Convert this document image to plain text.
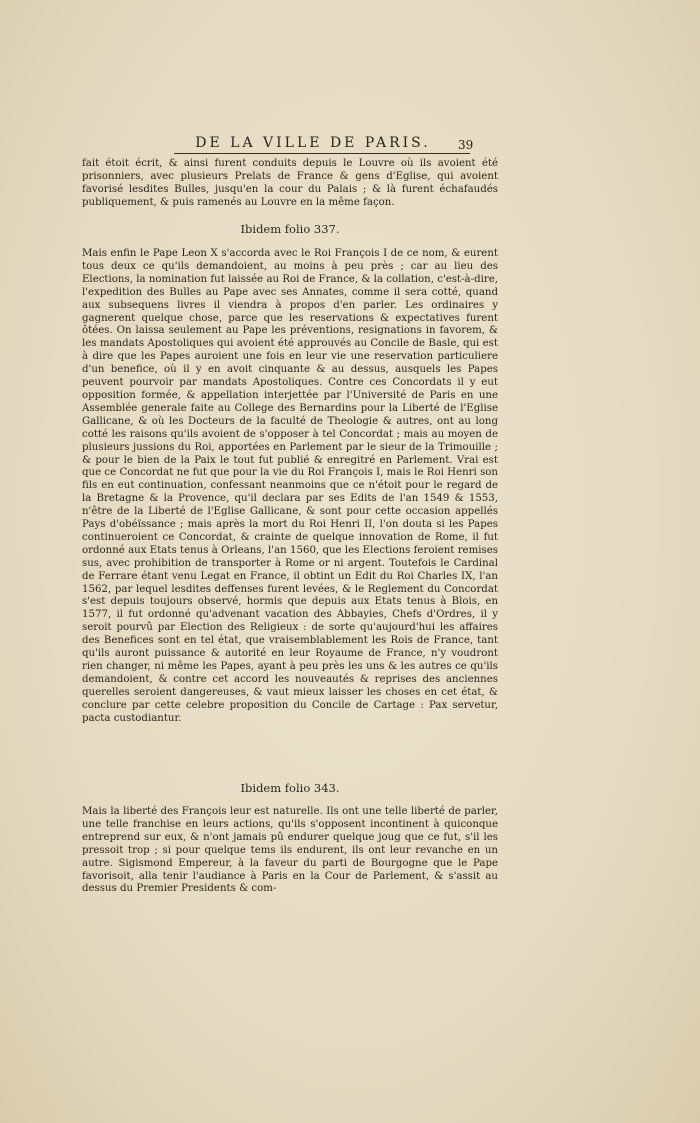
DE LA VILLE DE PARIS.	39
fait étoit écrit, & ainsi furent conduits depuis le Louvre où ils avoient été prisonniers, avec plusieurs Prelats de France & gens d'Eglise, qui avoient favorisé lesdites Bulles, jusqu'en la cour du Palais ; & là furent échafaudés publiquement, & puis ramenés au Louvre en la même façon.
Ibidem folio 337.
Mais enfin le Pape Leon X s'accorda avec le Roi François I de ce nom, & eurent tous deux ce qu'ils demandoient, au moins à peu près ; car au lieu des Elections, la nomination fut laissée au Roi de France, & la collation, c'est-à-dire, l'expedition des Bulles au Pape avec ses Annates, comme il sera cotté, quand aux subsequens livres il viendra à propos d'en parler. Les ordinaires y gagnerent quelque chose, parce que les reservations & expectatives furent ôtées. On laissa seulement au Pape les préventions, resignations in favorem, & les mandats Apostoliques qui avoient été approuvés au Concile de Basle, qui est à dire que les Papes auroient une fois en leur vie une reservation particuliere d'un benefice, où il y en avoit cinquante & au dessus, ausquels les Papes peuvent pourvoir par mandats Apostoliques. Contre ces Concordats il y eut opposition formée, & appellation interjettée par l'Université de Paris en une Assemblée generale faite au College des Bernardins pour la Liberté de l'Eglise Gallicane, & où les Docteurs de la faculté de Theologie & autres, ont au long cotté les raisons qu'ils avoient de s'opposer à tel Concordat ; mais au moyen de plusieurs jussions du Roi, apportées en Parlement par le sieur de la Trimouille ; & pour le bien de la Paix le tout fut publié & enregitré en Parlement. Vrai est que ce Concordat ne fut que pour la vie du Roi François I, mais le Roi Henri son fils en eut continuation, confessant neanmoins que ce n'étoit pour le regard de la Bretagne & la Provence, qu'il declara par ses Edits de l'an 1549 & 1553, n'être de la Liberté de l'Eglise Gallicane, & sont pour cette occasion appellés Pays d'obéïssance ; mais après la mort du Roi Henri II, l'on douta si les Papes continueroient ce Concordat, & crainte de quelque innovation de Rome, il fut ordonné aux Etats tenus à Orleans, l'an 1560, que les Elections feroient remises sus, avec prohibition de transporter à Rome or ni argent. Toutefois le Cardinal de Ferrare étant venu Legat en France, il obtint un Edit du Roi Charles IX, l'an 1562, par lequel lesdites deffenses furent levées, & le Reglement du Concordat s'est depuis toujours observé, hormis que depuis aux Etats tenus à Blois, en 1577, il fut ordonné qu'advenant vacation des Abbayies, Chefs d'Ordres, il y seroit pourvû par Election des Religieux : de sorte qu'aujourd'hui les affaires des Benefices sont en tel état, que vraisemblablement les Rois de France, tant qu'ils auront puissance & autorité en leur Royaume de France, n'y voudront rien changer, ni même les Papes, ayant à peu près les uns & les autres ce qu'ils demandoient, & contre cet accord les nouveautés & reprises des anciennes querelles seroient dangereuses, & vaut mieux laisser les choses en cet état, & conclure par cette celebre proposition du Concile de Cartage : Pax servetur, pacta custodiantur.
Ibidem folio 343.
Mais la liberté des François leur est naturelle. Ils ont une telle liberté de parler, une telle franchise en leurs actions, qu'ils s'opposent incontinent à quiconque entreprend sur eux, & n'ont jamais pû endurer quelque joug que ce fut, s'il les pressoit trop ; si pour quelque tems ils endurent, ils ont leur revanche en un autre. Sigismond Empereur, à la faveur du parti de Bourgogne que le Pape favorisoit, alla tenir l'audiance à Paris en la Cour de Parlement, & s'assit au dessus du Premier Presidents & com-
